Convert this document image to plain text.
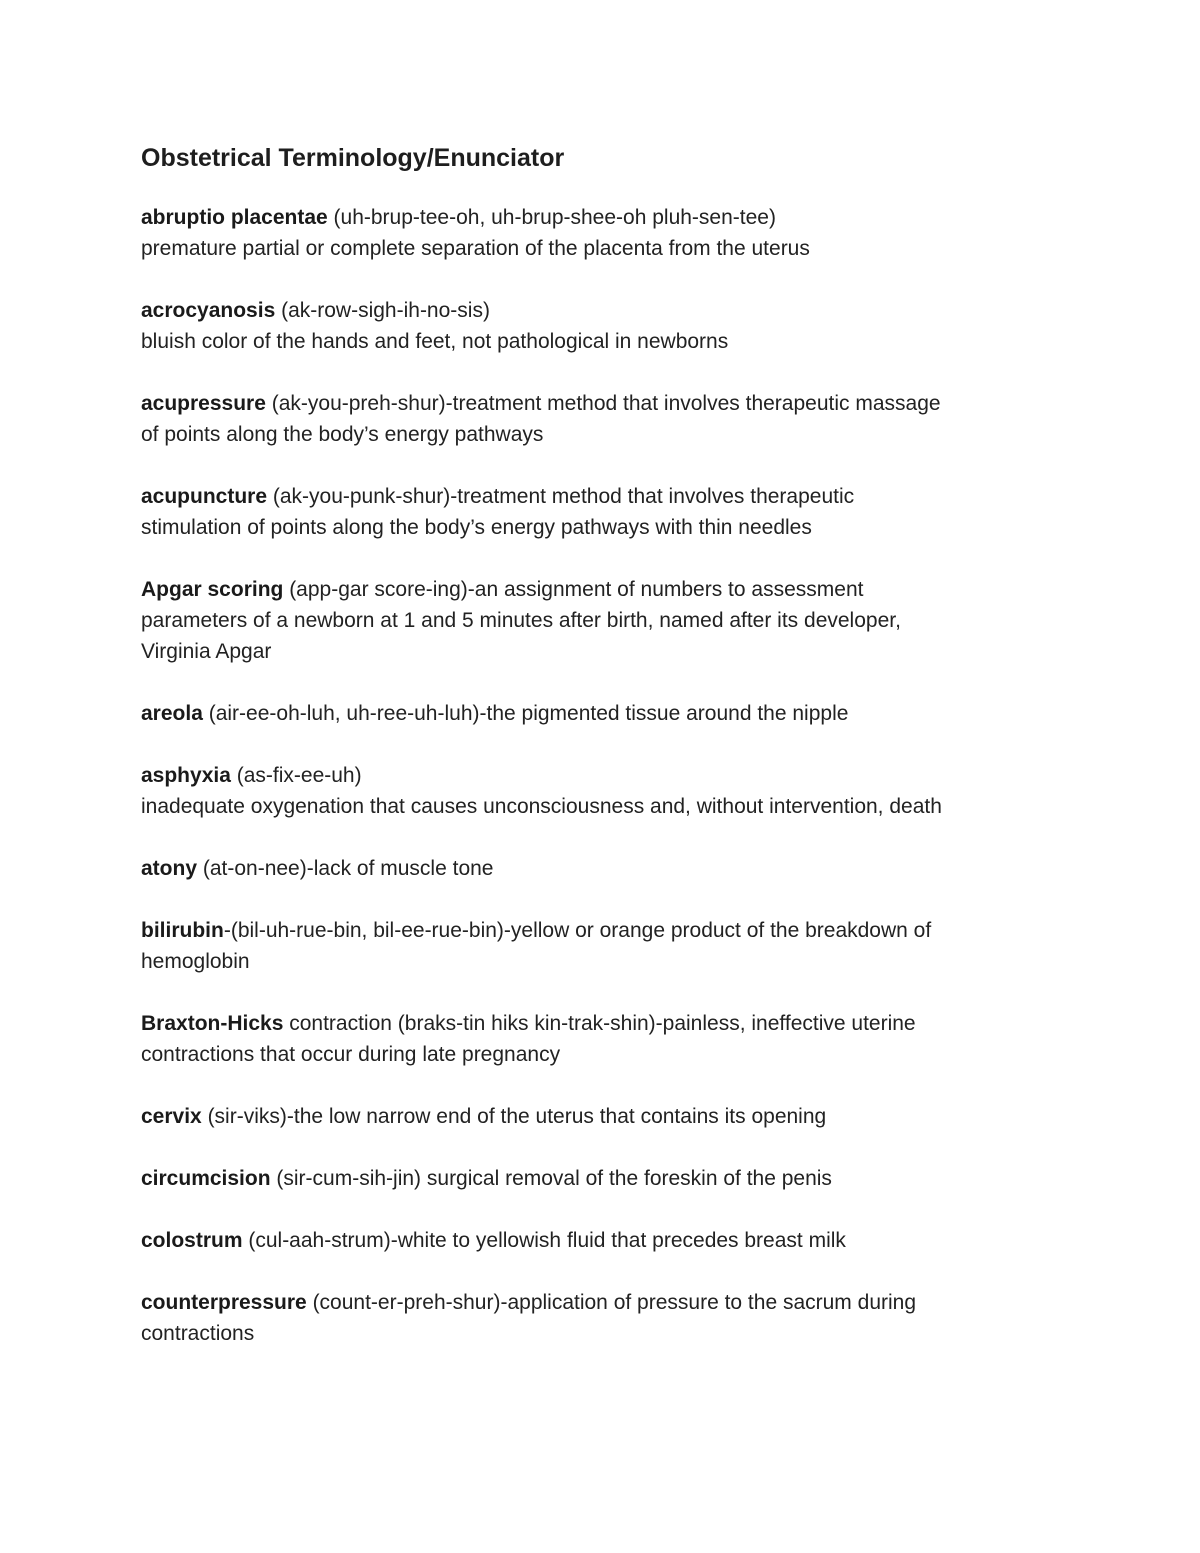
Obstetrical Terminology/Enunciator
abruptio placentae (uh-brup-tee-oh, uh-brup-shee-oh pluh-sen-tee)
premature partial or complete separation of the placenta from the uterus
acrocyanosis (ak-row-sigh-ih-no-sis)
bluish color of the hands and feet, not pathological in newborns
acupressure (ak-you-preh-shur)-treatment method that involves therapeutic massage
of points along the body’s energy pathways
acupuncture (ak-you-punk-shur)-treatment method that involves therapeutic
stimulation of points along the body’s energy pathways with thin needles
Apgar scoring (app-gar score-ing)-an assignment of numbers to assessment
parameters of a newborn at 1 and 5 minutes after birth, named after its developer,
Virginia Apgar
areola (air-ee-oh-luh, uh-ree-uh-luh)-the pigmented tissue around the nipple
asphyxia (as-fix-ee-uh)
inadequate oxygenation that causes unconsciousness and, without intervention, death
atony (at-on-nee)-lack of muscle tone
bilirubin-(bil-uh-rue-bin, bil-ee-rue-bin)-yellow or orange product of the breakdown of
hemoglobin
Braxton-Hicks contraction (braks-tin hiks kin-trak-shin)-painless, ineffective uterine
contractions that occur during late pregnancy
cervix (sir-viks)-the low narrow end of the uterus that contains its opening
circumcision (sir-cum-sih-jin) surgical removal of the foreskin of the penis
colostrum (cul-aah-strum)-white to yellowish fluid that precedes breast milk
counterpressure (count-er-preh-shur)-application of pressure to the sacrum during
contractions
